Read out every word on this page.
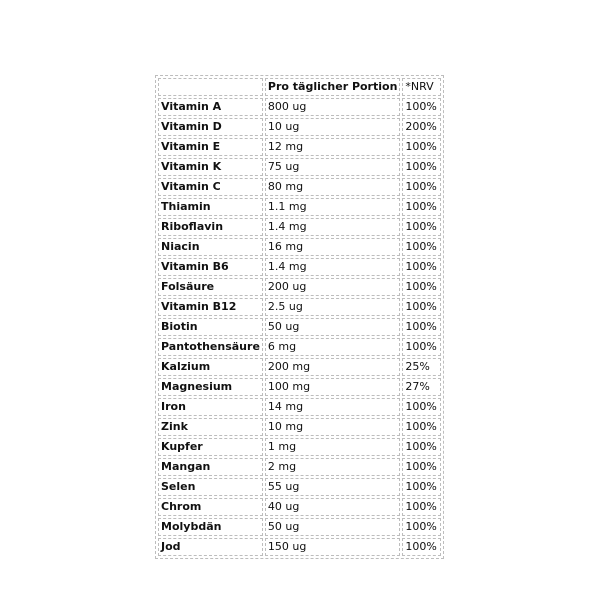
	Pro täglicher Portion	*NRV
Vitamin A	800 ug	100%
Vitamin D	10 ug	200%
Vitamin E	12 mg	100%
Vitamin K	75 ug	100%
Vitamin C	80 mg	100%
Thiamin	1.1 mg	100%
Riboflavin	1.4 mg	100%
Niacin	16 mg	100%
Vitamin B6	1.4 mg	100%
Folsäure	200 ug	100%
Vitamin B12	2.5 ug	100%
Biotin	50 ug	100%
Pantothensäure	6 mg	100%
Kalzium	200 mg	25%
Magnesium	100 mg	27%
Iron	14 mg	100%
Zink	10 mg	100%
Kupfer	1 mg	100%
Mangan	2 mg	100%
Selen	55 ug	100%
Chrom	40 ug	100%
Molybdän	50 ug	100%
Jod	150 ug	100%
